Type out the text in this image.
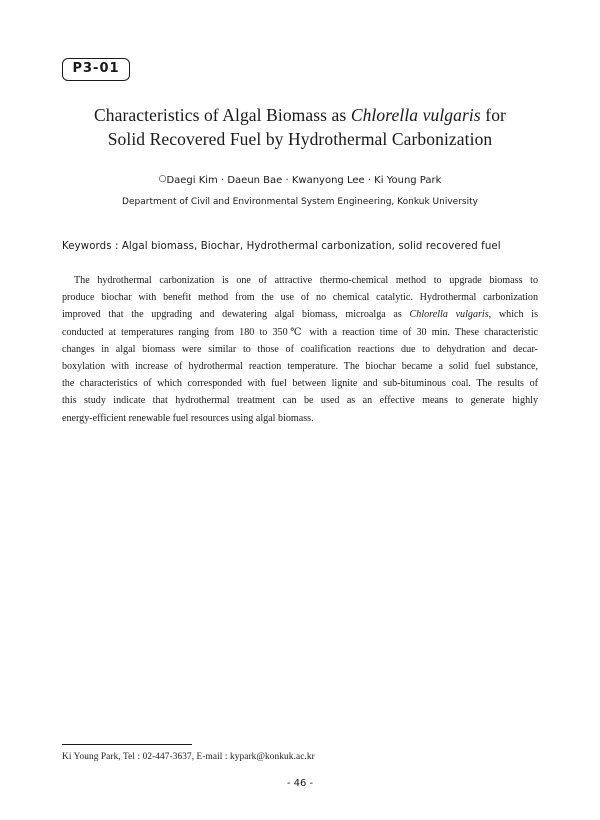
P3-01
Characteristics of Algal Biomass as Chlorella vulgaris for
Solid Recovered Fuel by Hydrothermal Carbonization
○Daegi Kim · Daeun Bae · Kwanyong Lee · Ki Young Park
Department of Civil and Environmental System Engineering, Konkuk University
Keywords : Algal biomass, Biochar, Hydrothermal carbonization, solid recovered fuel
The hydrothermal carbonization is one of attractive thermo-chemical method to upgrade biomass to
produce biochar with benefit method from the use of no chemical catalytic. Hydrothermal carbonization
improved that the upgrading and dewatering algal biomass, microalga as Chlorella vulgaris, which is
conducted at temperatures ranging from 180 to 350℃ with a reaction time of 30 min. These characteristic
changes in algal biomass were similar to those of coalification reactions due to dehydration and decar-
boxylation with increase of hydrothermal reaction temperature. The biochar became a solid fuel substance,
the characteristics of which corresponded with fuel between lignite and sub-bituminous coal. The results of
this study indicate that hydrothermal treatment can be used as an effective means to generate highly
energy-efficient renewable fuel resources using algal biomass.
Ki Young Park, Tel : 02-447-3637, E-mail : kypark@konkuk.ac.kr
- 46 -
